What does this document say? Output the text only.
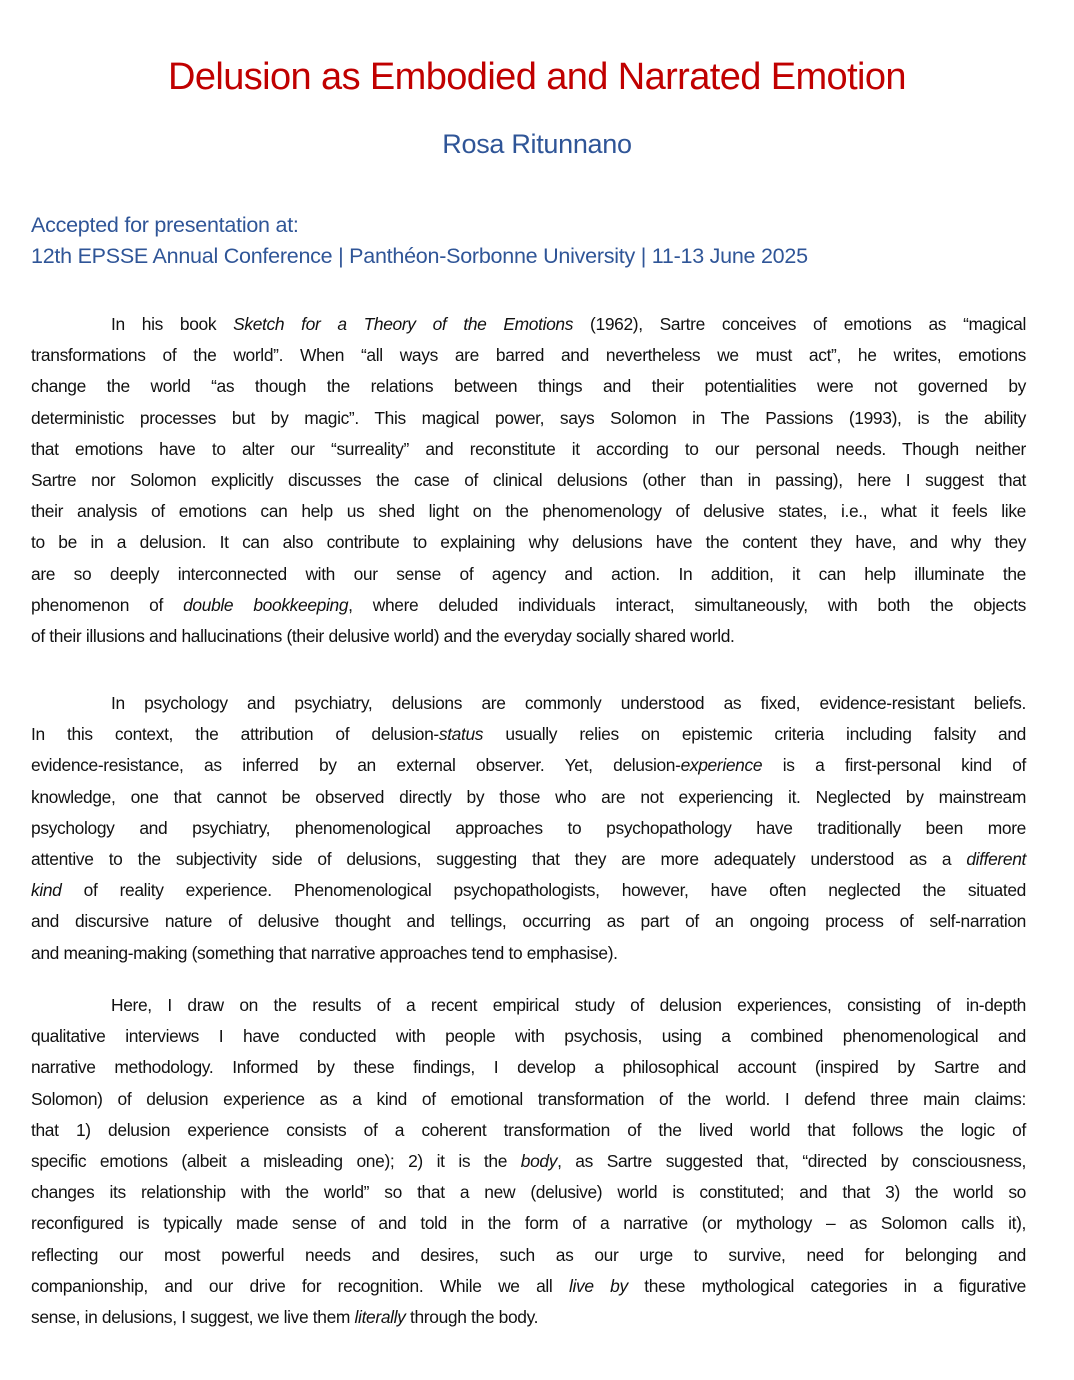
Delusion as Embodied and Narrated Emotion
Rosa Ritunnano
Accepted for presentation at:
12th EPSSE Annual Conference | Panthéon-Sorbonne University | 11-13 June 2025
In his book Sketch for a Theory of the Emotions (1962), Sartre conceives of emotions as “magical
transformations of the world”. When “all ways are barred and nevertheless we must act”, he writes, emotions
change the world “as though the relations between things and their potentialities were not governed by
deterministic processes but by magic”. This magical power, says Solomon in The Passions (1993), is the ability
that emotions have to alter our “surreality” and reconstitute it according to our personal needs. Though neither
Sartre nor Solomon explicitly discusses the case of clinical delusions (other than in passing), here I suggest that
their analysis of emotions can help us shed light on the phenomenology of delusive states, i.e., what it feels like
to be in a delusion. It can also contribute to explaining why delusions have the content they have, and why they
are so deeply interconnected with our sense of agency and action. In addition, it can help illuminate the
phenomenon of double bookkeeping, where deluded individuals interact, simultaneously, with both the objects
of their illusions and hallucinations (their delusive world) and the everyday socially shared world.
In psychology and psychiatry, delusions are commonly understood as fixed, evidence-resistant beliefs.
In this context, the attribution of delusion-status usually relies on epistemic criteria including falsity and
evidence-resistance, as inferred by an external observer. Yet, delusion-experience is a first-personal kind of
knowledge, one that cannot be observed directly by those who are not experiencing it. Neglected by mainstream
psychology and psychiatry, phenomenological approaches to psychopathology have traditionally been more
attentive to the subjectivity side of delusions, suggesting that they are more adequately understood as a different
kind of reality experience. Phenomenological psychopathologists, however, have often neglected the situated
and discursive nature of delusive thought and tellings, occurring as part of an ongoing process of self-narration
and meaning-making (something that narrative approaches tend to emphasise).
Here, I draw on the results of a recent empirical study of delusion experiences, consisting of in-depth
qualitative interviews I have conducted with people with psychosis, using a combined phenomenological and
narrative methodology. Informed by these findings, I develop a philosophical account (inspired by Sartre and
Solomon) of delusion experience as a kind of emotional transformation of the world. I defend three main claims:
that 1) delusion experience consists of a coherent transformation of the lived world that follows the logic of
specific emotions (albeit a misleading one); 2) it is the body, as Sartre suggested that, “directed by consciousness,
changes its relationship with the world” so that a new (delusive) world is constituted; and that 3) the world so
reconfigured is typically made sense of and told in the form of a narrative (or mythology – as Solomon calls it),
reflecting our most powerful needs and desires, such as our urge to survive, need for belonging and
companionship, and our drive for recognition. While we all live by these mythological categories in a figurative
sense, in delusions, I suggest, we live them literally through the body.
